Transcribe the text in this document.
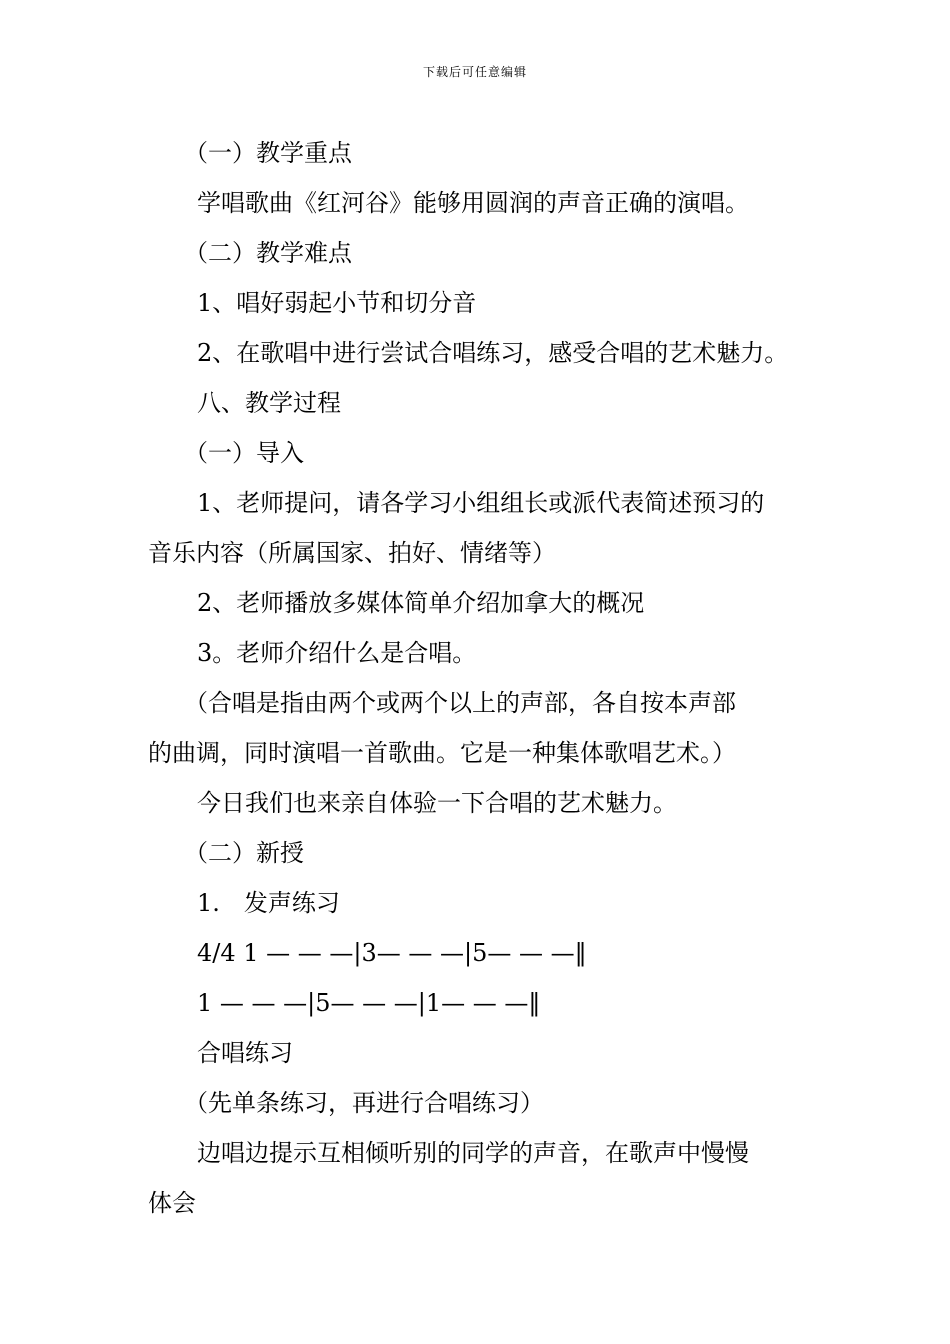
下载后可任意编辑
（一）教学重点
学唱歌曲《红河谷》能够用圆润的声音正确的演唱。
（二）教学难点
1、唱好弱起小节和切分音
2、在歌唱中进行尝试合唱练习，感受合唱的艺术魅力。
八、教学过程
（一）导入
1、老师提问，请各学习小组组长或派代表简述预习的
音乐内容（所属国家、拍好、情绪等）
2、老师播放多媒体简单介绍加拿大的概况
3。老师介绍什么是合唱。
（合唱是指由两个或两个以上的声部，各自按本声部
的曲调，同时演唱一首歌曲。它是一种集体歌唱艺术。）
今日我们也来亲自体验一下合唱的艺术魅力。
（二）新授
1.　发声练习
4/4 1 — — —|3— — —|5— — —‖
1 — — —|5— — —|1— — —‖
合唱练习
（先单条练习，再进行合唱练习）
边唱边提示互相倾听别的同学的声音，在歌声中慢慢
体会
